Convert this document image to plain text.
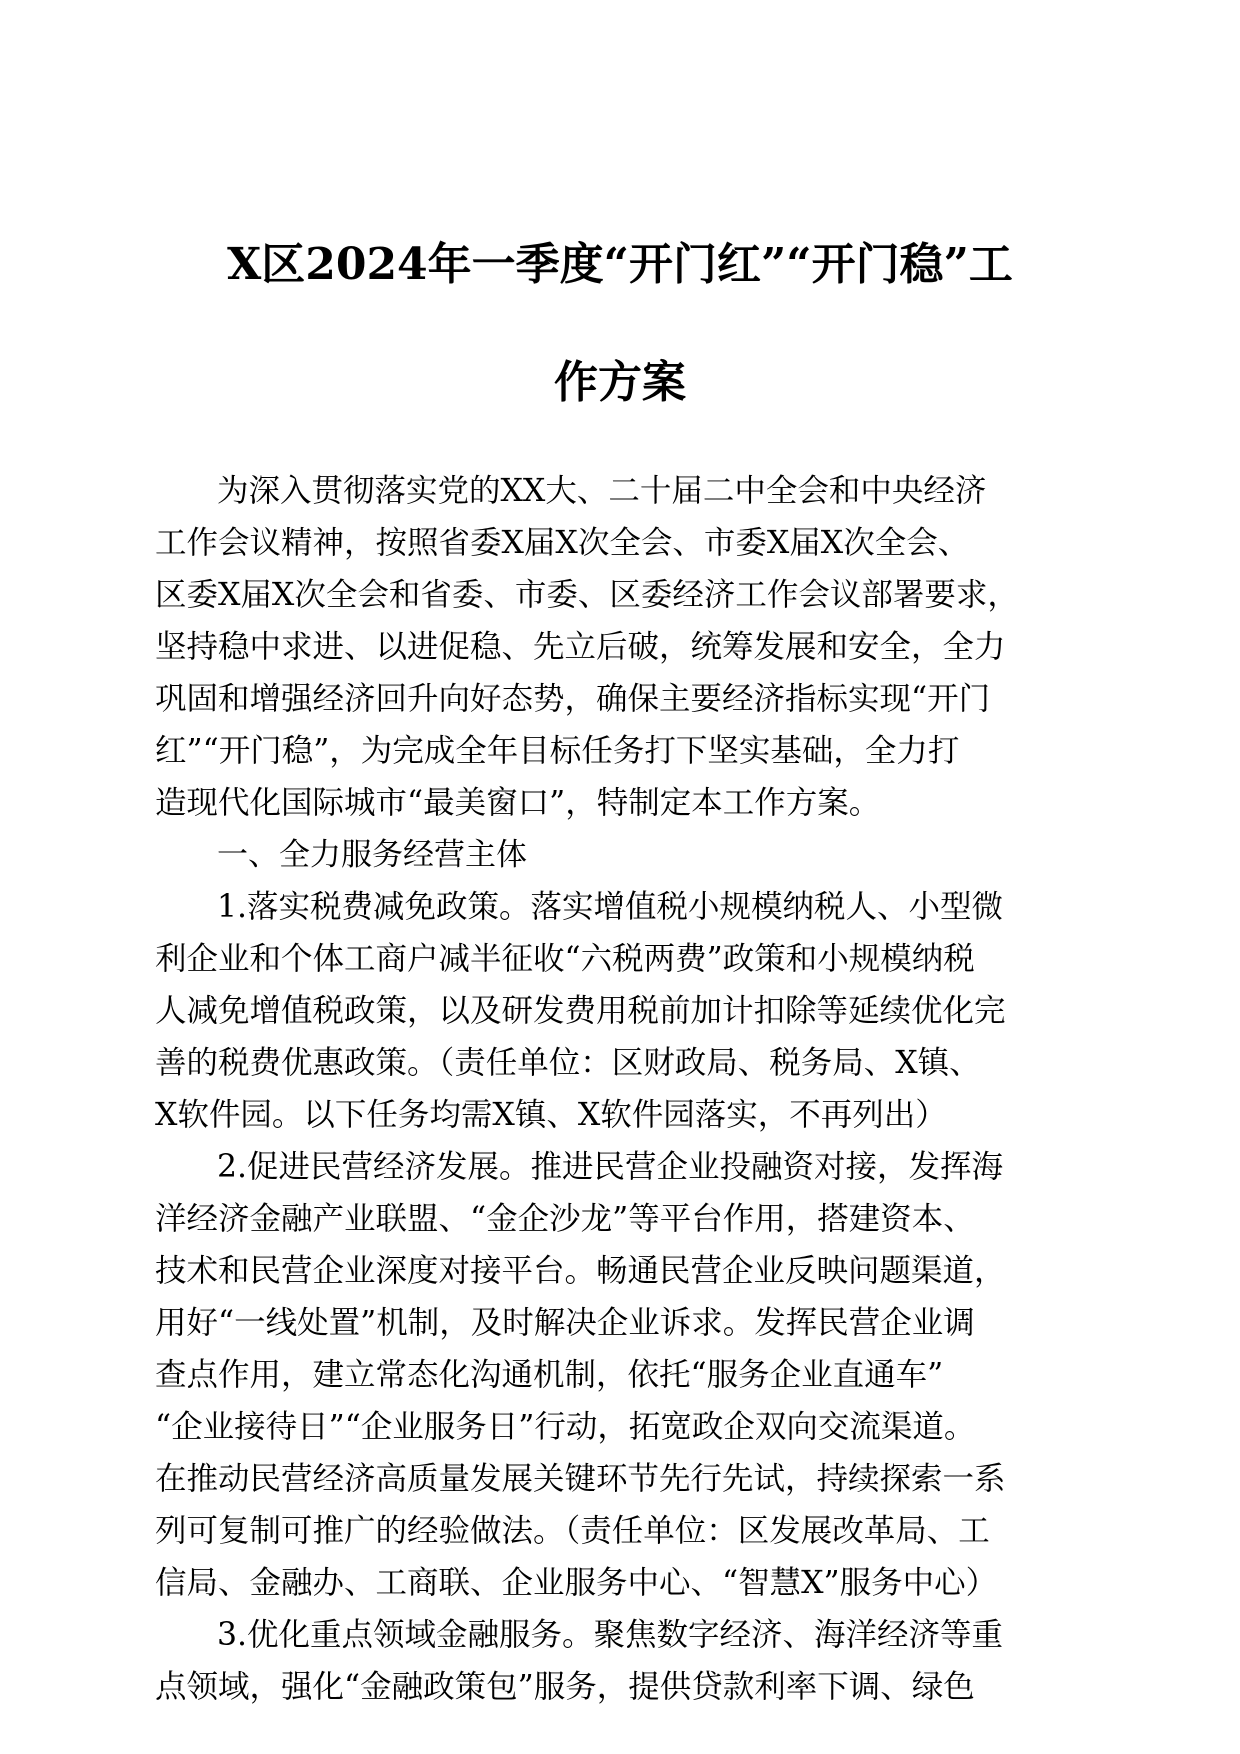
X区2024年一季度“开门红”“开门稳”工
作方案
为深入贯彻落实党的XX大、二十届二中全会和中央经济
工作会议精神，按照省委X届X次全会、市委X届X次全会、
区委X届X次全会和省委、市委、区委经济工作会议部署要求，
坚持稳中求进、以进促稳、先立后破，统筹发展和安全，全力
巩固和增强经济回升向好态势，确保主要经济指标实现“开门
红”“开门稳”，为完成全年目标任务打下坚实基础，全力打
造现代化国际城市“最美窗口”，特制定本工作方案。
一、全力服务经营主体
1.落实税费减免政策。落实增值税小规模纳税人、小型微
利企业和个体工商户减半征收“六税两费”政策和小规模纳税
人减免增值税政策，以及研发费用税前加计扣除等延续优化完
善的税费优惠政策。（责任单位：区财政局、税务局、X镇、
X软件园。以下任务均需X镇、X软件园落实，不再列出）
2.促进民营经济发展。推进民营企业投融资对接，发挥海
洋经济金融产业联盟、“金企沙龙”等平台作用，搭建资本、
技术和民营企业深度对接平台。畅通民营企业反映问题渠道，
用好“一线处置”机制，及时解决企业诉求。发挥民营企业调
查点作用，建立常态化沟通机制，依托“服务企业直通车”
“企业接待日”“企业服务日”行动，拓宽政企双向交流渠道。
在推动民营经济高质量发展关键环节先行先试，持续探索一系
列可复制可推广的经验做法。（责任单位：区发展改革局、工
信局、金融办、工商联、企业服务中心、“智慧X”服务中心）
3.优化重点领域金融服务。聚焦数字经济、海洋经济等重
点领域，强化“金融政策包”服务，提供贷款利率下调、绿色
